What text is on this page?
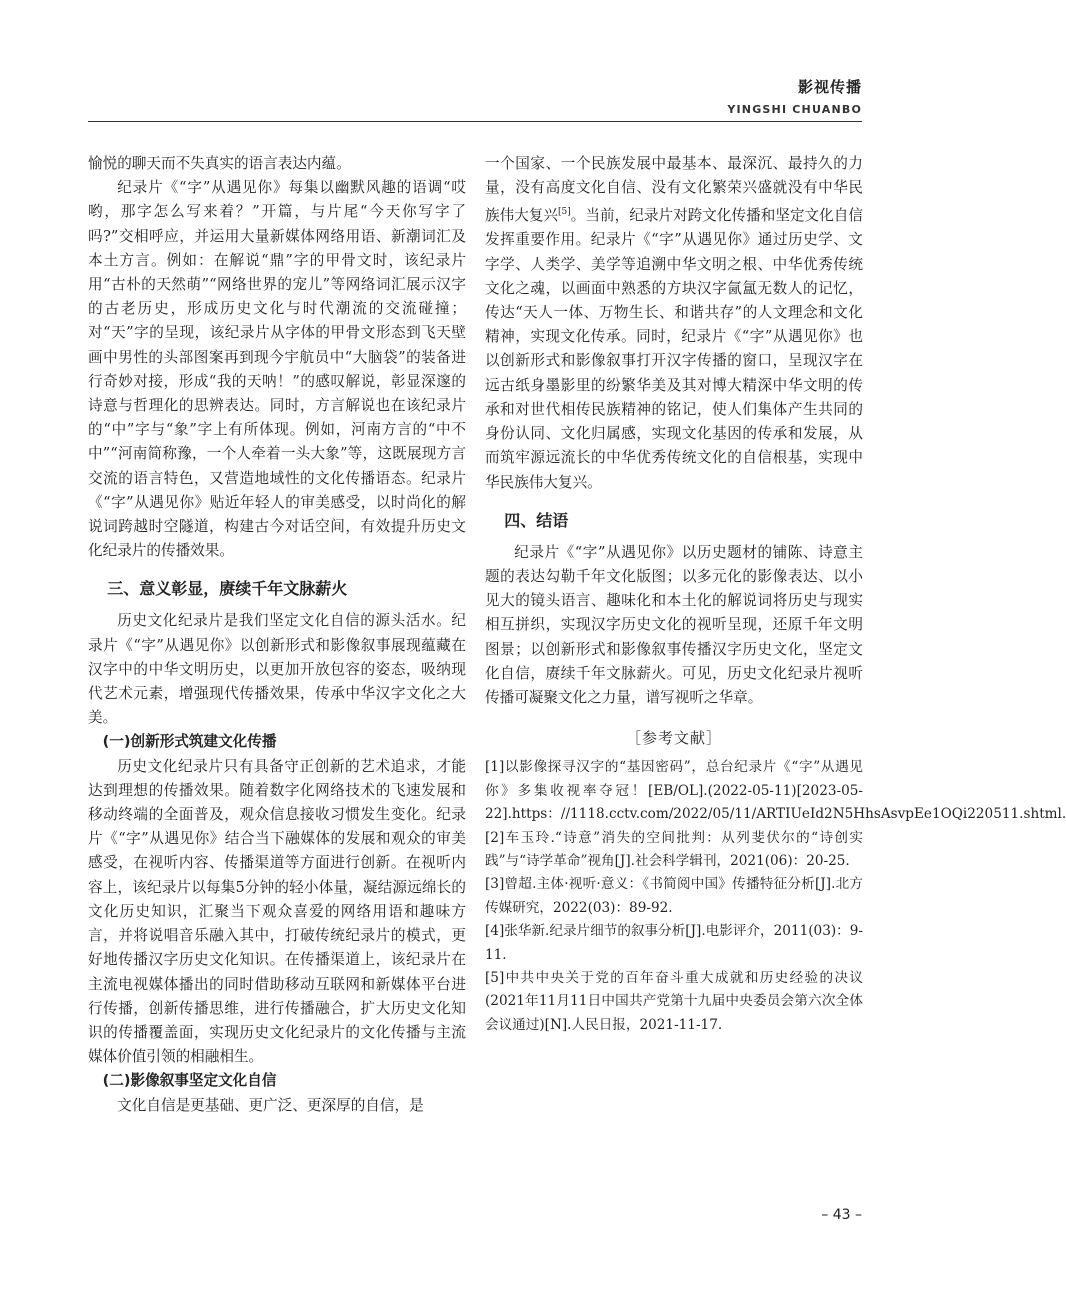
影视传播
YINGSHI CHUANBO

愉悦的聊天而不失真实的语言表达内蕴。

纪录片《“字”从遇见你》每集以幽默风趣的语调“哎哟，那字怎么写来着？”开篇，与片尾“今天你写字了吗?”交相呼应，并运用大量新媒体网络用语、新潮词汇及本土方言。例如：在解说“鼎”字的甲骨文时，该纪录片用“古朴的天然萌”“网络世界的宠儿”等网络词汇展示汉字的古老历史，形成历史文化与时代潮流的交流碰撞；对“天”字的呈现，该纪录片从字体的甲骨文形态到飞天壁画中男性的头部图案再到现今宇航员中“大脑袋”的装备进行奇妙对接，形成“我的天呐！”的感叹解说，彰显深邃的诗意与哲理化的思辨表达。同时，方言解说也在该纪录片的“中”字与“象”字上有所体现。例如，河南方言的“中不中”“河南简称豫，一个人牵着一头大象”等，这既展现方言交流的语言特色，又营造地域性的文化传播语态。纪录片《“字”从遇见你》贴近年轻人的审美感受，以时尚化的解说词跨越时空隧道，构建古今对话空间，有效提升历史文化纪录片的传播效果。

三、意义彰显，赓续千年文脉薪火

历史文化纪录片是我们坚定文化自信的源头活水。纪录片《“字”从遇见你》以创新形式和影像叙事展现蕴藏在汉字中的中华文明历史，以更加开放包容的姿态，吸纳现代艺术元素，增强现代传播效果，传承中华汉字文化之大美。

(一)创新形式筑建文化传播

历史文化纪录片只有具备守正创新的艺术追求，才能达到理想的传播效果。随着数字化网络技术的飞速发展和移动终端的全面普及，观众信息接收习惯发生变化。纪录片《“字”从遇见你》结合当下融媒体的发展和观众的审美感受，在视听内容、传播渠道等方面进行创新。在视听内容上，该纪录片以每集5分钟的轻小体量，凝结源远绵长的文化历史知识，汇聚当下观众喜爱的网络用语和趣味方言，并将说唱音乐融入其中，打破传统纪录片的模式，更好地传播汉字历史文化知识。在传播渠道上，该纪录片在主流电视媒体播出的同时借助移动互联网和新媒体平台进行传播，创新传播思维，进行传播融合，扩大历史文化知识的传播覆盖面，实现历史文化纪录片的文化传播与主流媒体价值引领的相融相生。

(二)影像叙事坚定文化自信

文化自信是更基础、更广泛、更深厚的自信，是

一个国家、一个民族发展中最基本、最深沉、最持久的力量，没有高度文化自信、没有文化繁荣兴盛就没有中华民族伟大复兴[5]。当前，纪录片对跨文化传播和坚定文化自信发挥重要作用。纪录片《“字”从遇见你》通过历史学、文字学、人类学、美学等追溯中华文明之根、中华优秀传统文化之魂，以画面中熟悉的方块汉字氤氲无数人的记忆，传达“天人一体、万物生长、和谐共存”的人文理念和文化精神，实现文化传承。同时，纪录片《“字”从遇见你》也以创新形式和影像叙事打开汉字传播的窗口，呈现汉字在远古纸身墨影里的纷繁华美及其对博大精深中华文明的传承和对世代相传民族精神的铭记，使人们集体产生共同的身份认同、文化归属感，实现文化基因的传承和发展，从而筑牢源远流长的中华优秀传统文化的自信根基，实现中华民族伟大复兴。

四、结语

纪录片《“字”从遇见你》以历史题材的铺陈、诗意主题的表达勾勒千年文化版图；以多元化的影像表达、以小见大的镜头语言、趣味化和本土化的解说词将历史与现实相互拼织，实现汉字历史文化的视听呈现，还原千年文明图景；以创新形式和影像叙事传播汉字历史文化，坚定文化自信，赓续千年文脉薪火。可见，历史文化纪录片视听传播可凝聚文化之力量，谱写视听之华章。

［参考文献］

[1]以影像探寻汉字的“基因密码”，总台纪录片《“字”从遇见你》多集收视率夺冠！[EB/OL].(2022-05-11)[2023-05-22].https：//1118.cctv.com/2022/05/11/ARTIUeId2N5HhsAsvpEe1OQi220511.shtml.

[2]车玉玲.“诗意”消失的空间批判：从列斐伏尔的“诗创实践”与“诗学革命”视角[J].社会科学辑刊，2021(06)：20-25.

[3]曾超.主体·视听·意义：《书简阅中国》传播特征分析[J].北方传媒研究，2022(03)：89-92.

[4]张华新.纪录片细节的叙事分析[J].电影评介，2011(03)：9-11.

[5]中共中央关于党的百年奋斗重大成就和历史经验的决议(2021年11月11日中国共产党第十九届中央委员会第六次全体会议通过)[N].人民日报，2021-11-17.

– 43 –
